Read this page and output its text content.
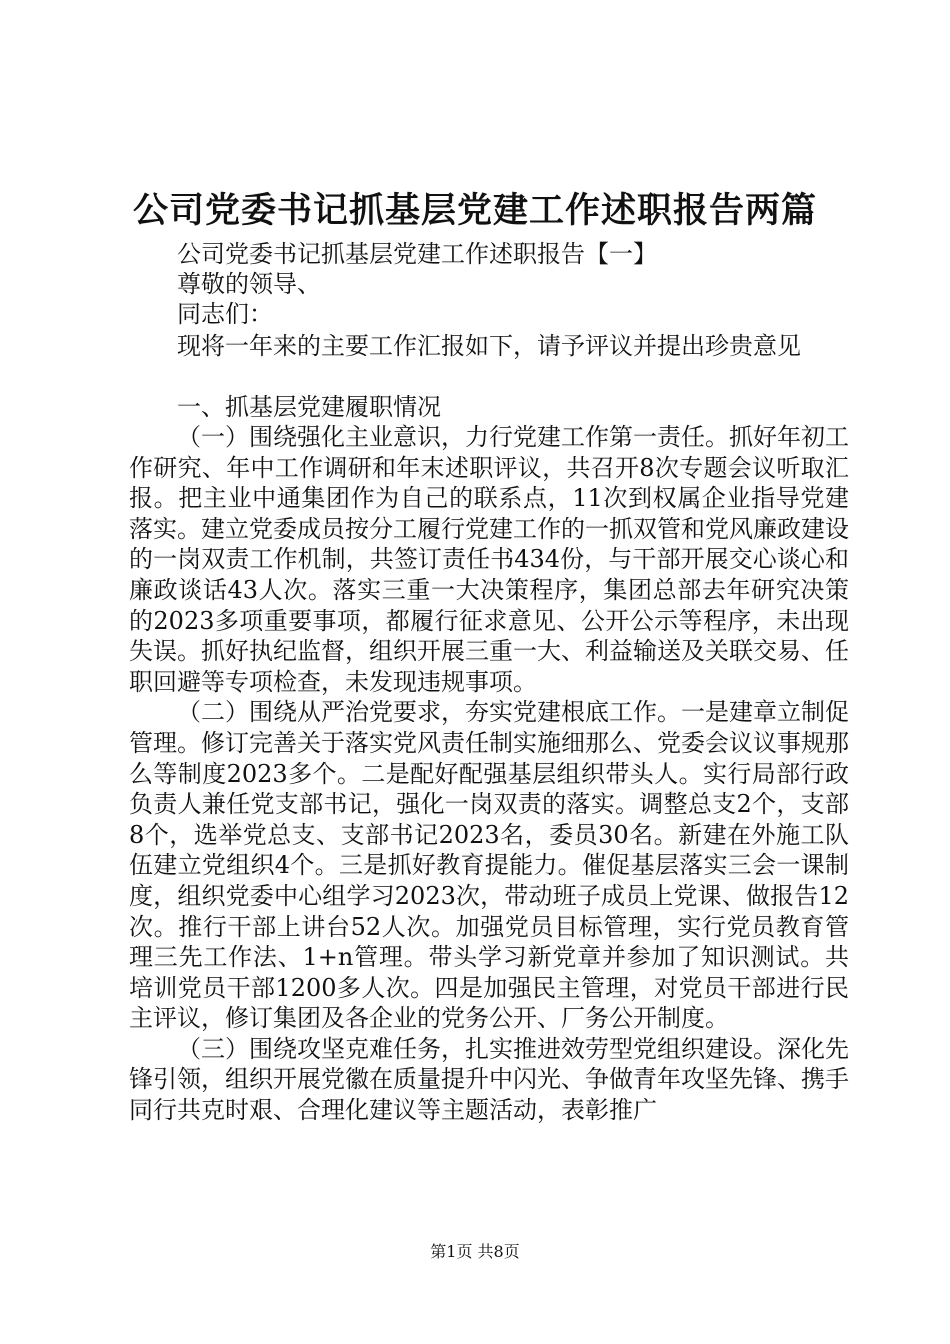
公司党委书记抓基层党建工作述职报告两篇
公司党委书记抓基层党建工作述职报告【一】
尊敬的领导、
同志们：
现将一年来的主要工作汇报如下，请予评议并提出珍贵意见
一、抓基层党建履职情况

（一）围绕强化主业意识，力行党建工作第一责任。抓好年初工作研究、年中工作调研和年末述职评议，共召开8次专题会议听取汇报。把主业中通集团作为自己的联系点，11次到权属企业指导党建落实。建立党委成员按分工履行党建工作的一抓双管和党风廉政建设的一岗双责工作机制，共签订责任书434份，与干部开展交心谈心和廉政谈话43人次。落实三重一大决策程序，集团总部去年研究决策的2023多项重要事项，都履行征求意见、公开公示等程序，未出现失误。抓好执纪监督，组织开展三重一大、利益输送及关联交易、任职回避等专项检查，未发现违规事项。

（二）围绕从严治党要求，夯实党建根底工作。一是建章立制促管理。修订完善关于落实党风责任制实施细那么、党委会议议事规那么等制度2023多个。二是配好配强基层组织带头人。实行局部行政负责人兼任党支部书记，强化一岗双责的落实。调整总支2个，支部8个，选举党总支、支部书记2023名，委员30名。新建在外施工队伍建立党组织4个。三是抓好教育提能力。催促基层落实三会一课制度，组织党委中心组学习2023次，带动班子成员上党课、做报告12次。推行干部上讲台52人次。加强党员目标管理，实行党员教育管理三先工作法、1+n管理。带头学习新党章并参加了知识测试。共培训党员干部1200多人次。四是加强民主管理，对党员干部进行民主评议，修订集团及各企业的党务公开、厂务公开制度。

（三）围绕攻坚克难任务，扎实推进效劳型党组织建设。深化先锋引领，组织开展党徽在质量提升中闪光、争做青年攻坚先锋、携手同行共克时艰、合理化建议等主题活动，表彰推广

第1页 共8页
